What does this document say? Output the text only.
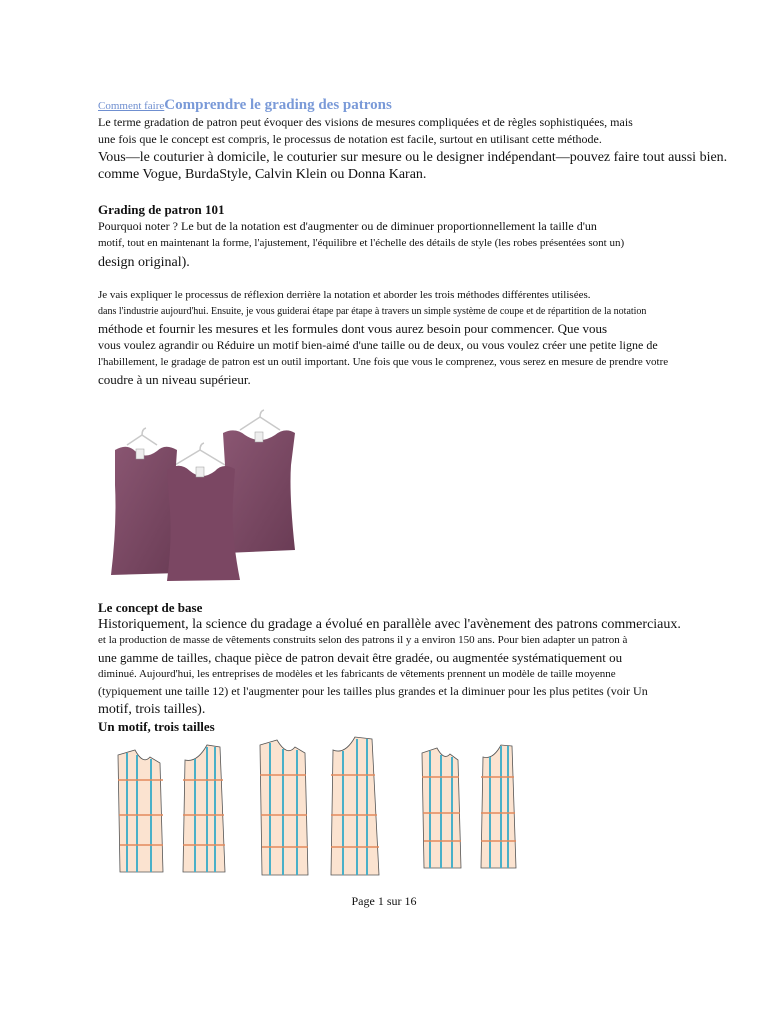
Comment faireComprendre le grading des patrons
Le terme gradation de patron peut évoquer des visions de mesures compliquées et de règles sophistiquées, mais
une fois que le concept est compris, le processus de notation est facile, surtout en utilisant cette méthode.
Vous—le couturier à domicile, le couturier sur mesure ou le designer indépendant—pouvez faire tout aussi bien.
comme Vogue, BurdaStyle, Calvin Klein ou Donna Karan.
Grading de patron 101
Pourquoi noter ? Le but de la notation est d'augmenter ou de diminuer proportionnellement la taille d'un
motif, tout en maintenant la forme, l'ajustement, l'équilibre et l'échelle des détails de style (les robes présentées sont un)
design original).
Je vais expliquer le processus de réflexion derrière la notation et aborder les trois méthodes différentes utilisées.
dans l'industrie aujourd'hui. Ensuite, je vous guiderai étape par étape à travers un simple système de coupe et de répartition de la notation
méthode et fournir les mesures et les formules dont vous aurez besoin pour commencer. Que vous
vous voulez agrandir ou Réduire un motif bien-aimé d'une taille ou de deux, ou vous voulez créer une petite ligne de
l'habillement, le gradage de patron est un outil important. Une fois que vous le comprenez, vous serez en mesure de prendre votre
coudre à un niveau supérieur.
Le concept de base
Historiquement, la science du gradage a évolué en parallèle avec l'avènement des patrons commerciaux.
et la production de masse de vêtements construits selon des patrons il y a environ 150 ans. Pour bien adapter un patron à
une gamme de tailles, chaque pièce de patron devait être gradée, ou augmentée systématiquement ou
diminué. Aujourd'hui, les entreprises de modèles et les fabricants de vêtements prennent un modèle de taille moyenne
(typiquement une taille 12) et l'augmenter pour les tailles plus grandes et la diminuer pour les plus petites (voir Un
motif, trois tailles).
Un motif, trois tailles
Page 1 sur 16
